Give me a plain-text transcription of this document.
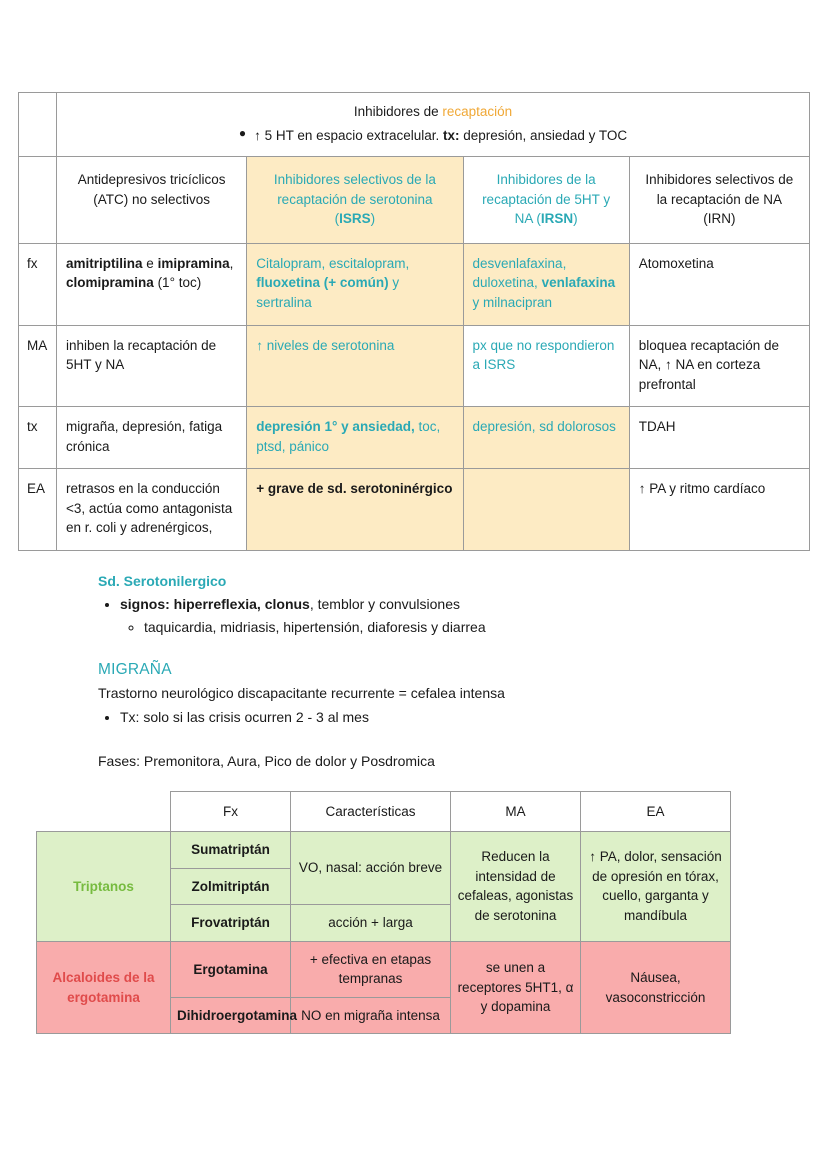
	Inhibidores de recaptación
● ↑ 5 HT en espacio extracelular. tx: depresión, ansiedad y TOC			

	Antidepresivos tricíclicos (ATC) no selectivos	Inhibidores selectivos de la recaptación de serotonina (ISRS)	Inhibidores de la recaptación de 5HT y NA (IRSN)	Inhibidores selectivos de la recaptación de NA (IRN)
fx	amitriptilina e imipramina, clomipramina (1° toc)	Citalopram, escitalopram, fluoxetina (+ común) y sertralina	desvenlafaxina, duloxetina, venlafaxina y milnacipran	Atomoxetina
MA	inhiben la recaptación de 5HT y NA	↑ niveles de serotonina	px que no respondieron a ISRS	bloquea recaptación de NA, ↑ NA en corteza prefrontal
tx	migraña, depresión, fatiga crónica	depresión 1° y ansiedad, toc, ptsd, pánico	depresión, sd dolorosos	TDAH
EA	retrasos en la conducción <3, actúa como antagonista en r. coli y adrenérgicos,	+ grave de sd. serotoninérgico		↑ PA y ritmo cardíaco
Sd. Serotonilergico
• signos: hiperreflexia, clonus, temblor y convulsiones
◦ taquicardia, midriasis, hipertensión, diaforesis y diarrea
MIGRAÑA

Trastorno neurológico discapacitante recurrente = cefalea intensa

• Tx: solo si las crisis ocurren 2 - 3 al mes

Fases: Premonitora, Aura, Pico de dolor y Posdromica

	Fx	Características	MA	EA
Triptanos	Sumatriptán	VO, nasal: acción breve	Reducen la intensidad de cefaleas, agonistas de serotonina	↑ PA, dolor, sensación de opresión en tórax, cuello, garganta y mandíbula
	Zolmitriptán			
	Frovatriptán	acción + larga		
Alcaloides de la ergotamina	Ergotamina	+ efectiva en etapas tempranas	se unen a receptores 5HT1, α y dopamina	Náusea, vasoconstricción
	Dihidroergotamina	NO en migraña intensa		
